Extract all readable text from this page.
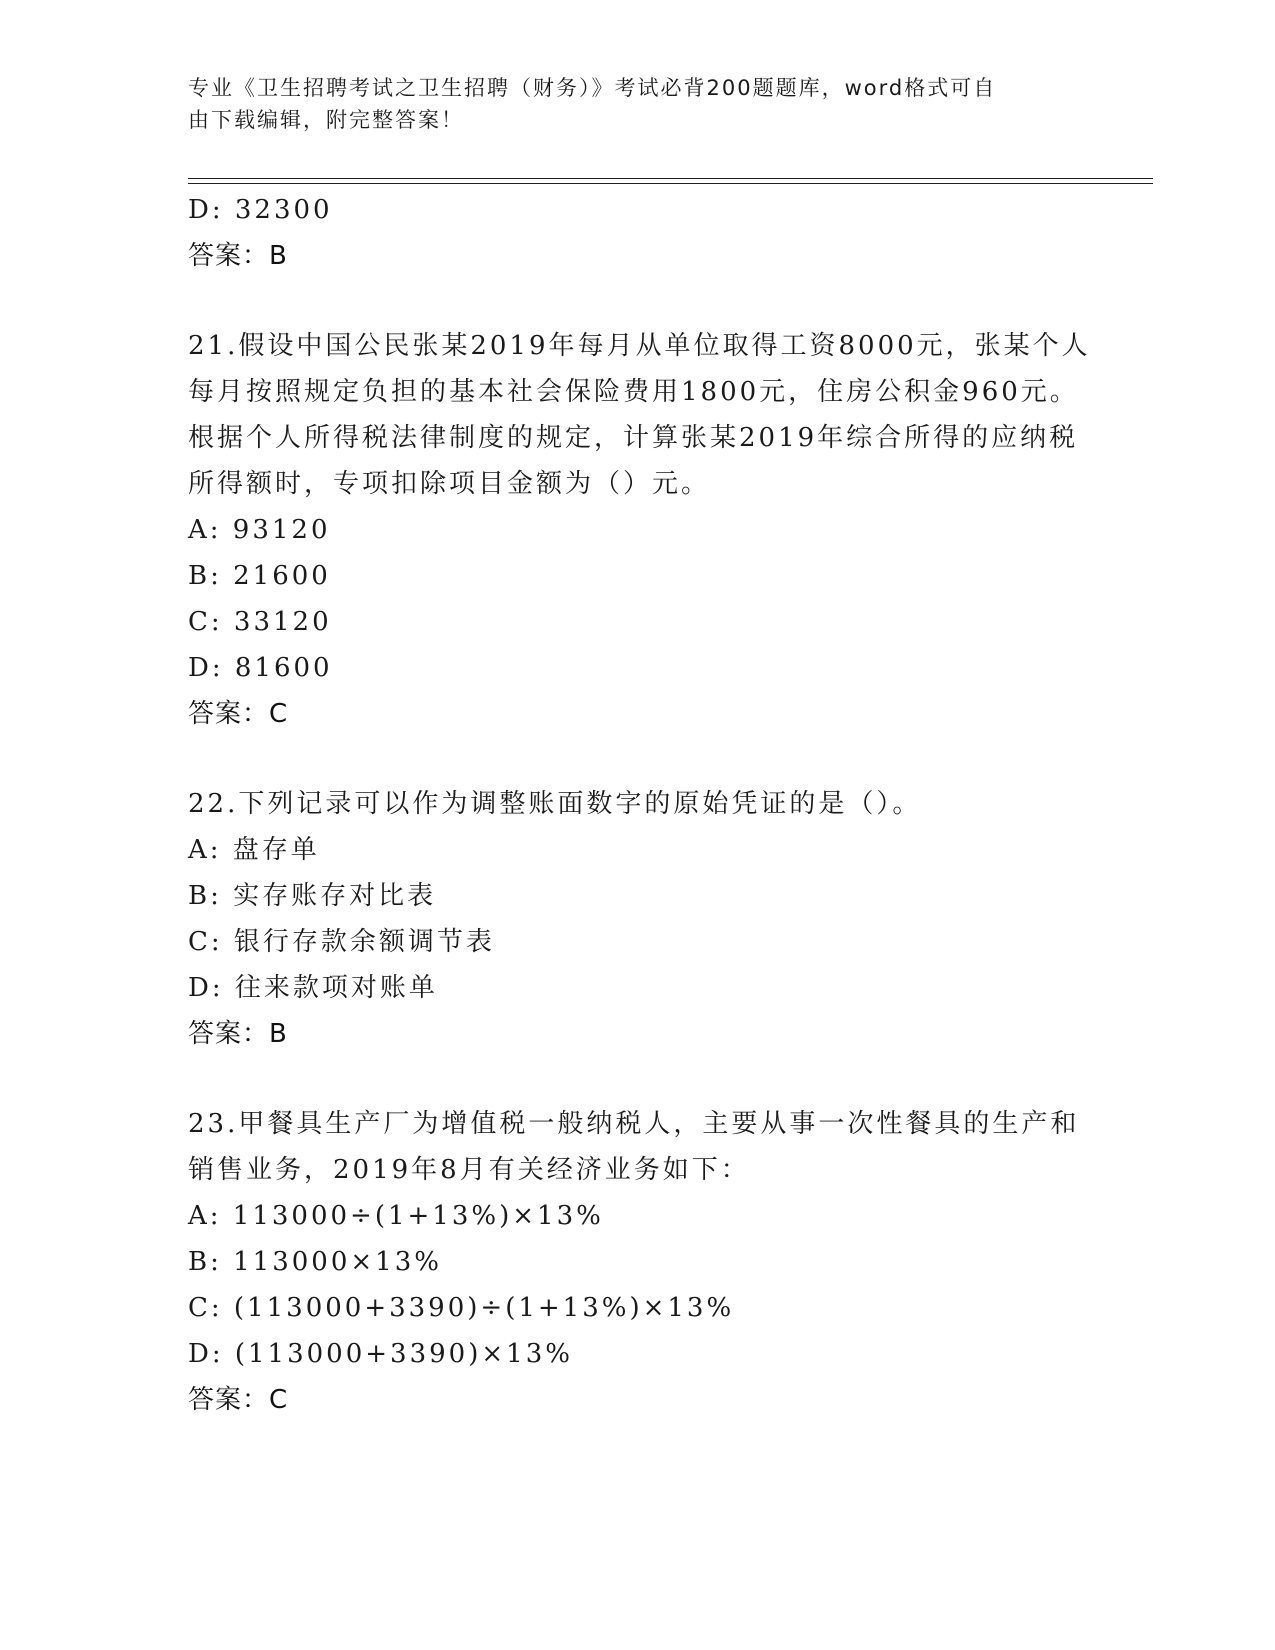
专业《卫生招聘考试之卫生招聘（财务）》考试必背200题题库，word格式可自
由下载编辑，附完整答案！
D: 32300
答案：B
21.假设中国公民张某2019年每月从单位取得工资8000元，张某个人
每月按照规定负担的基本社会保险费用1800元，住房公积金960元。
根据个人所得税法律制度的规定，计算张某2019年综合所得的应纳税
所得额时，专项扣除项目金额为（）元。
A: 93120
B: 21600
C: 33120
D: 81600
答案：C
22.下列记录可以作为调整账面数字的原始凭证的是（）。
A: 盘存单
B: 实存账存对比表
C: 银行存款余额调节表
D: 往来款项对账单
答案：B
23.甲餐具生产厂为增值税一般纳税人，主要从事一次性餐具的生产和
销售业务，2019年8月有关经济业务如下：
A: 113000÷(1+13%)×13%
B: 113000×13%
C: (113000+3390)÷(1+13%)×13%
D: (113000+3390)×13%
答案：C
